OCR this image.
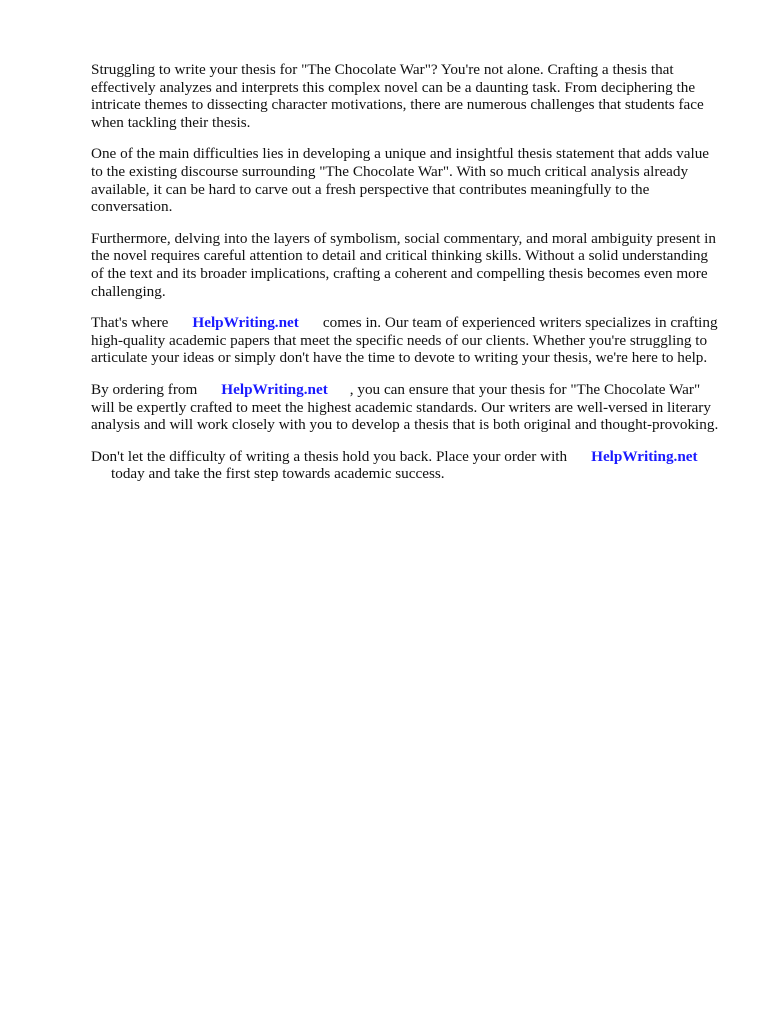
Struggling to write your thesis for "The Chocolate War"? You're not alone. Crafting a thesis that effectively analyzes and interprets this complex novel can be a daunting task. From deciphering the intricate themes to dissecting character motivations, there are numerous challenges that students face when tackling their thesis.

One of the main difficulties lies in developing a unique and insightful thesis statement that adds value to the existing discourse surrounding "The Chocolate War". With so much critical analysis already available, it can be hard to carve out a fresh perspective that contributes meaningfully to the conversation.

Furthermore, delving into the layers of symbolism, social commentary, and moral ambiguity present in the novel requires careful attention to detail and critical thinking skills. Without a solid understanding of the text and its broader implications, crafting a coherent and compelling thesis becomes even more challenging.

That's where HelpWriting.net comes in. Our team of experienced writers specializes in crafting high-quality academic papers that meet the specific needs of our clients. Whether you're struggling to articulate your ideas or simply don't have the time to devote to writing your thesis, we're here to help.

By ordering from HelpWriting.net , you can ensure that your thesis for "The Chocolate War" will be expertly crafted to meet the highest academic standards. Our writers are well-versed in literary analysis and will work closely with you to develop a thesis that is both original and thought-provoking.

Don't let the difficulty of writing a thesis hold you back. Place your order with HelpWriting.net
today and take the first step towards academic success.
